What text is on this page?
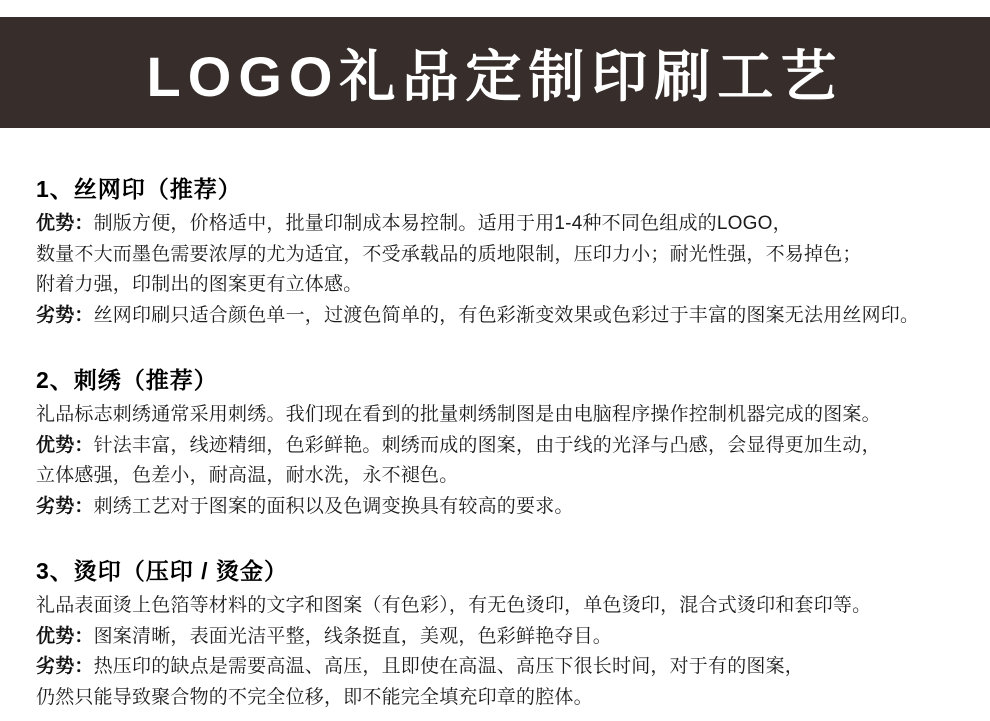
LOGO礼品定制印刷工艺
1、丝网印（推荐）

优势：制版方便，价格适中，批量印制成本易控制。适用于用1-4种不同色组成的LOGO，

数量不大而墨色需要浓厚的尤为适宜，不受承载品的质地限制，压印力小；耐光性强，不易掉色；

附着力强，印制出的图案更有立体感。

劣势：丝网印刷只适合颜色单一，过渡色简单的，有色彩渐变效果或色彩过于丰富的图案无法用丝网印。

2、刺绣（推荐）

礼品标志刺绣通常采用刺绣。我们现在看到的批量刺绣制图是由电脑程序操作控制机器完成的图案。

优势：针法丰富，线迹精细，色彩鲜艳。刺绣而成的图案，由于线的光泽与凸感，会显得更加生动，

立体感强，色差小，耐高温，耐水洗，永不褪色。

劣势：刺绣工艺对于图案的面积以及色调变换具有较高的要求。

3、烫印（压印 / 烫金）

礼品表面烫上色箔等材料的文字和图案（有色彩），有无色烫印，单色烫印，混合式烫印和套印等。

优势：图案清晰，表面光洁平整，线条挺直，美观，色彩鲜艳夺目。

劣势：热压印的缺点是需要高温、高压，且即使在高温、高压下很长时间，对于有的图案，

仍然只能导致聚合物的不完全位移，即不能完全填充印章的腔体。
